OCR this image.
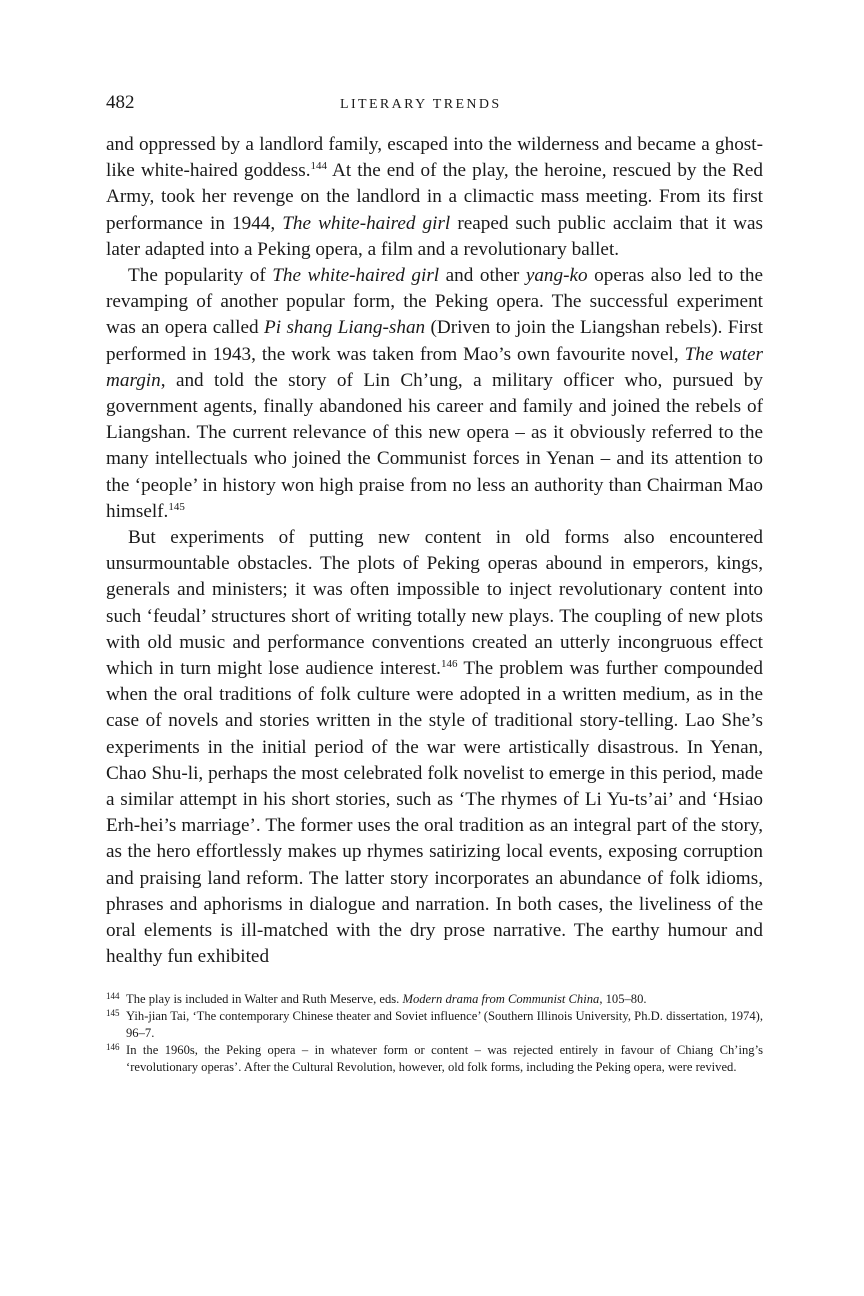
482	LITERARY TRENDS

and oppressed by a landlord family, escaped into the wilderness and became a ghost-like white-haired goddess.$^{144}$ At the end of the play, the heroine, rescued by the Red Army, took her revenge on the landlord in a climactic mass meeting. From its first performance in 1944, The white-haired girl reaped such public acclaim that it was later adapted into a Peking opera, a film and a revolutionary ballet.

The popularity of The white-haired girl and other yang-ko operas also led to the revamping of another popular form, the Peking opera. The successful experiment was an opera called Pi shang Liang-shan (Driven to join the Liangshan rebels). First performed in 1943, the work was taken from Mao’s own favourite novel, The water margin, and told the story of Lin Ch’ung, a military officer who, pursued by government agents, finally abandoned his career and family and joined the rebels of Liangshan. The current relevance of this new opera – as it obviously referred to the many intellectuals who joined the Communist forces in Yenan – and its attention to the ‘people’ in history won high praise from no less an authority than Chairman Mao himself.$^{145}$

But experiments of putting new content in old forms also encountered unsurmountable obstacles. The plots of Peking operas abound in emperors, kings, generals and ministers; it was often impossible to inject revolutionary content into such ‘feudal’ structures short of writing totally new plays. The coupling of new plots with old music and performance conventions created an utterly incongruous effect which in turn might lose audience interest.$^{146}$ The problem was further compounded when the oral traditions of folk culture were adopted in a written medium, as in the case of novels and stories written in the style of traditional story-telling. Lao She’s experiments in the initial period of the war were artistically disastrous. In Yenan, Chao Shu-li, perhaps the most celebrated folk novelist to emerge in this period, made a similar attempt in his short stories, such as ‘The rhymes of Li Yu-ts’ai’ and ‘Hsiao Erh-hei’s marriage’. The former uses the oral tradition as an integral part of the story, as the hero effortlessly makes up rhymes satirizing local events, exposing corruption and praising land reform. The latter story incorporates an abundance of folk idioms, phrases and aphorisms in dialogue and narration. In both cases, the liveliness of the oral elements is ill-matched with the dry prose narrative. The earthy humour and healthy fun exhibited

144 The play is included in Walter and Ruth Meserve, eds. Modern drama from Communist China, 105–80.

145 Yih-jian Tai, ‘The contemporary Chinese theater and Soviet influence’ (Southern Illinois University, Ph.D. dissertation, 1974), 96–7.

146 In the 1960s, the Peking opera – in whatever form or content – was rejected entirely in favour of Chiang Ch’ing’s ‘revolutionary operas’. After the Cultural Revolution, however, old folk forms, including the Peking opera, were revived.
